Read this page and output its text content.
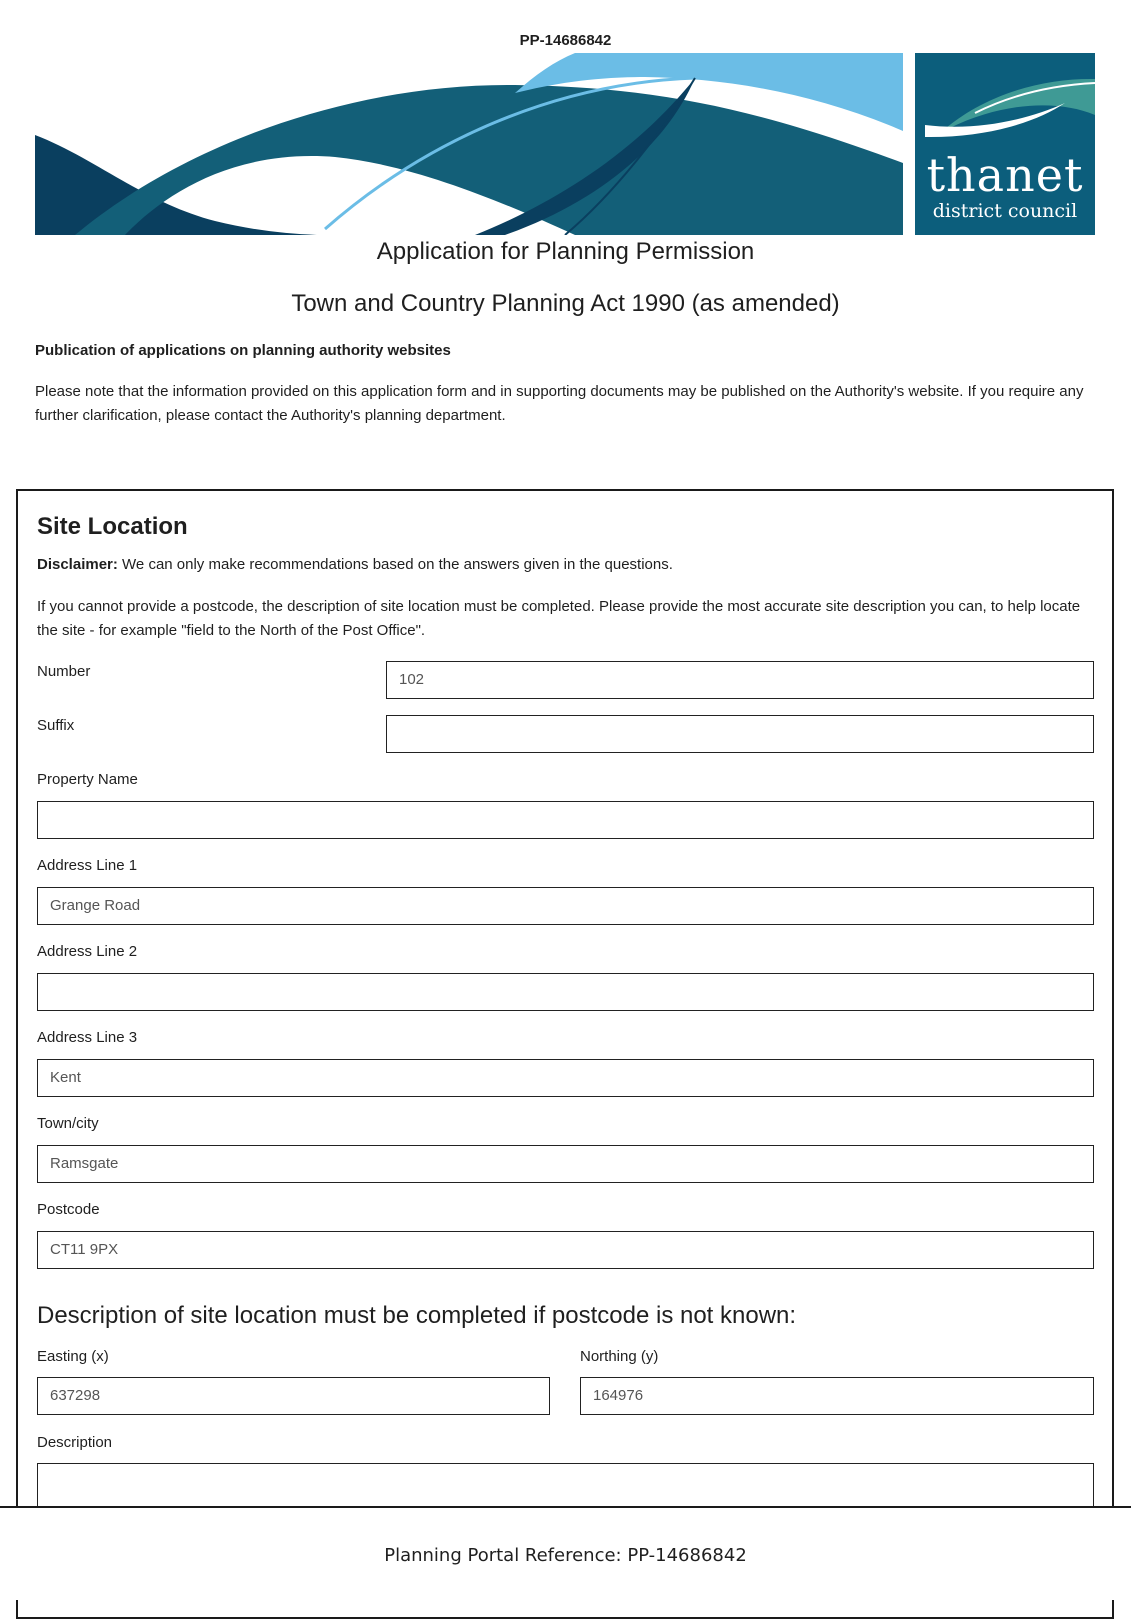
PP-14686842
thanet
district council
Application for Planning Permission
Town and Country Planning Act 1990 (as amended)
Publication of applications on planning authority websites
Please note that the information provided on this application form and in supporting documents may be published on the Authority's website. If you require any further clarification, please contact the Authority's planning department.
Site Location
Disclaimer: We can only make recommendations based on the answers given in the questions.
If you cannot provide a postcode, the description of site location must be completed. Please provide the most accurate site description you can, to help locate the site - for example "field to the North of the Post Office".
Number	102
Suffix
Property Name
Address Line 1
Grange Road
Address Line 2
Address Line 3
Kent
Town/city
Ramsgate
Postcode
CT11 9PX
Description of site location must be completed if postcode is not known:
Easting (x)
637298
Northing (y)
164976
Description
Planning Portal Reference: PP-14686842
